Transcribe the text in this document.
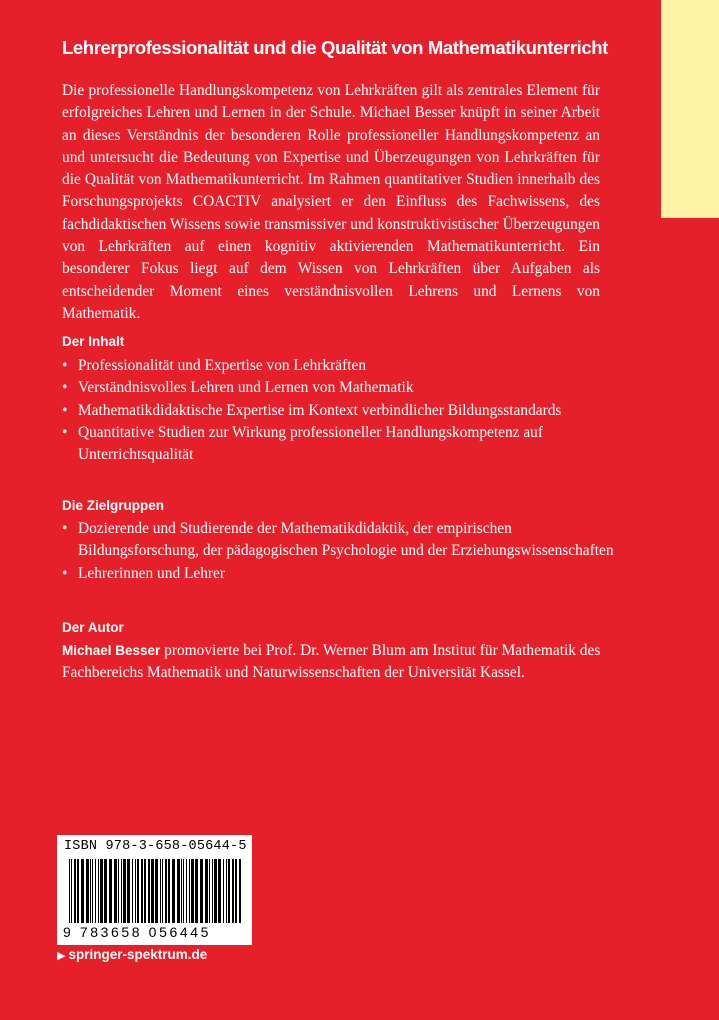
Lehrerprofessionalität und die Qualität von Mathematikunterricht

Die professionelle Handlungskompetenz von Lehrkräften gilt als zentrales Element für erfolgreiches Lehren und Lernen in der Schule. Michael Besser knüpft in seiner Arbeit an dieses Verständnis der besonderen Rolle professioneller Handlungskompetenz an und untersucht die Bedeutung von Expertise und Überzeugungen von Lehrkräften für die Qualität von Mathematikunterricht. Im Rahmen quantitativer Studien innerhalb des Forschungsprojekts COACTIV analysiert er den Einfluss des Fachwissens, des fachdidaktischen Wissens sowie transmissiver und konstruktivistischer Überzeugungen von Lehrkräften auf einen kognitiv aktivierenden Mathematikunterricht. Ein besonderer Fokus liegt auf dem Wissen von Lehrkräften über Aufgaben als entscheidender Moment eines verständnisvollen Lehrens und Lernens von Mathematik.

Der Inhalt
• Professionalität und Expertise von Lehrkräften
• Verständnisvolles Lehren und Lernen von Mathematik
• Mathematikdidaktische Expertise im Kontext verbindlicher Bildungsstandards
• Quantitative Studien zur Wirkung professioneller Handlungskompetenz auf Unterrichtsqualität
Die Zielgruppen
• Dozierende und Studierende der Mathematikdidaktik, der empirischen Bildungsforschung, der pädagogischen Psychologie und der Erziehungswissenschaften
• Lehrerinnen und Lehrer
Der Autor

Michael Besser promovierte bei Prof. Dr. Werner Blum am Institut für Mathematik des Fachbereichs Mathematik und Naturwissenschaften der Universität Kassel.

ISBN 978-3-658-05644-5
9 783658 056445
▶ springer-spektrum.de
